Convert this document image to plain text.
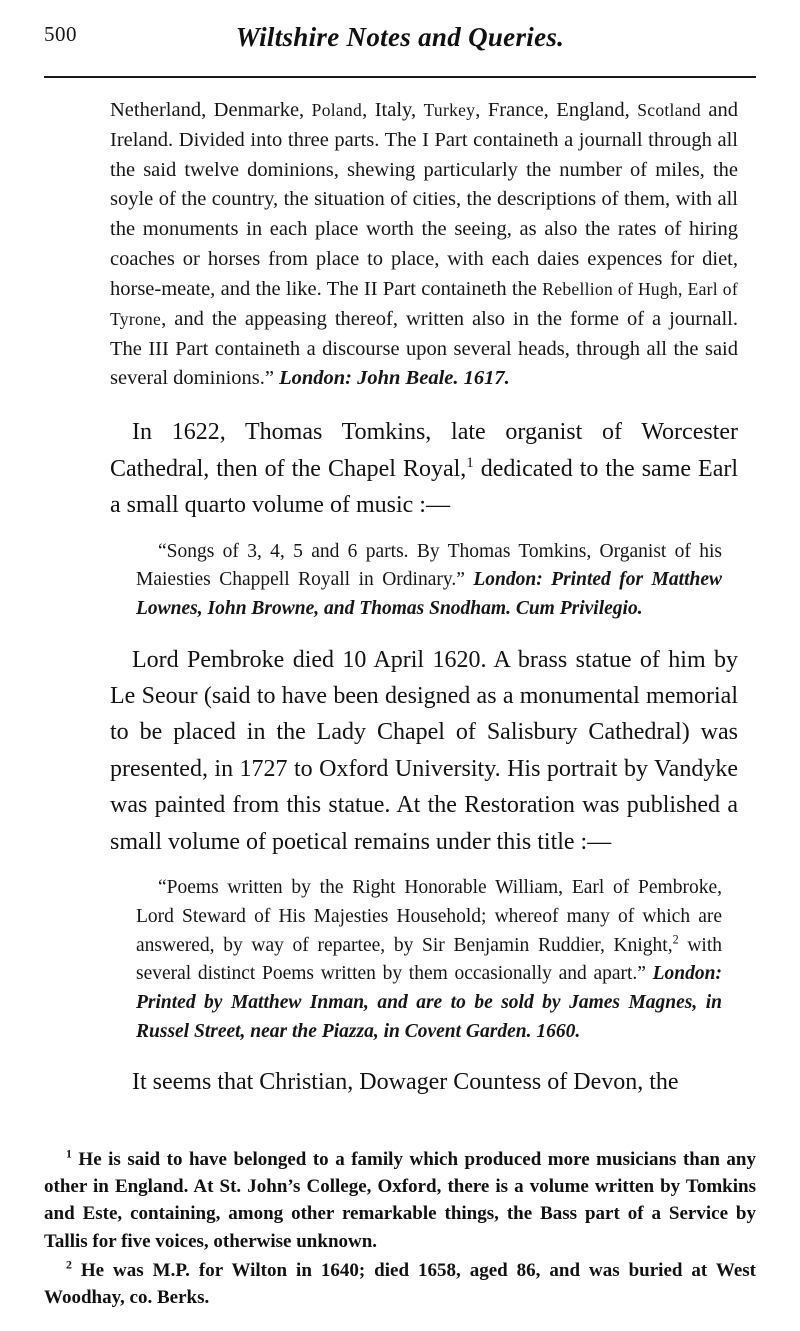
500	Wiltshire Notes and Queries.

Netherland, Denmarke, Poland, Italy, Turkey, France, England, Scotland and Ireland. Divided into three parts. The I Part containeth a journall through all the said twelve dominions, shewing particularly the number of miles, the soyle of the country, the situation of cities, the descriptions of them, with all the monuments in each place worth the seeing, as also the rates of hiring coaches or horses from place to place, with each daies expences for diet, horse-meate, and the like. The II Part containeth the Rebellion of Hugh, Earl of Tyrone, and the appeasing thereof, written also in the forme of a journall. The III Part containeth a discourse upon several heads, through all the said several dominions.” London: John Beale. 1617.

In 1622, Thomas Tomkins, late organist of Worcester Cathedral, then of the Chapel Royal,$^1$ dedicated to the same Earl a small quarto volume of music :—

“Songs of 3, 4, 5 and 6 parts. By Thomas Tomkins, Organist of his Maiesties Chappell Royall in Ordinary.” London: Printed for Matthew Lownes, Iohn Browne, and Thomas Snodham. Cum Privilegio.

Lord Pembroke died 10 April 1620. A brass statue of him by Le Seour (said to have been designed as a monumental memorial to be placed in the Lady Chapel of Salisbury Cathedral) was presented, in 1727 to Oxford University. His portrait by Vandyke was painted from this statue. At the Restoration was published a small volume of poetical remains under this title :—

“Poems written by the Right Honorable William, Earl of Pembroke, Lord Steward of His Majesties Household; whereof many of which are answered, by way of repartee, by Sir Benjamin Ruddier, Knight,$^2$ with several distinct Poems written by them occasionally and apart.” London: Printed by Matthew Inman, and are to be sold by James Magnes, in Russel Street, near the Piazza, in Covent Garden. 1660.

It seems that Christian, Dowager Countess of Devon, the

$^1$ He is said to have belonged to a family which produced more musicians than any other in England. At St. John’s College, Oxford, there is a volume written by Tomkins and Este, containing, among other remarkable things, the Bass part of a Service by Tallis for five voices, otherwise unknown.

$^2$ He was M.P. for Wilton in 1640; died 1658, aged 86, and was buried at West Woodhay, co. Berks.
